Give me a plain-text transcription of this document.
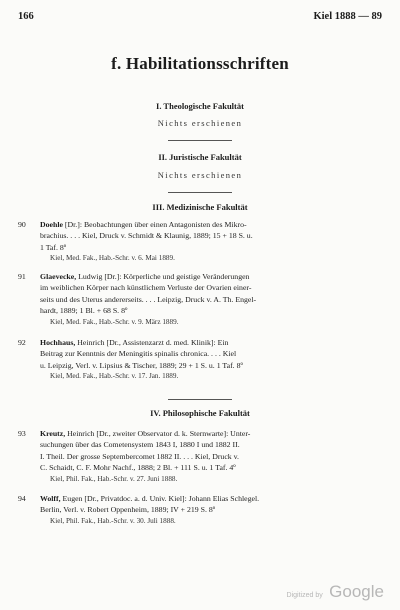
166	Kiel 1888 — 89
f. Habilitationsschriften
I. Theologische Fakultät
Nichts erschienen
II. Juristische Fakultät
Nichts erschienen
III. Medizinische Fakultät
90	Doehle [Dr.]: Beobachtungen über einen Antagonisten des Mikro-
brachius. . . . Kiel, Druck v. Schmidt & Klaunig, 1889; 15 + 18 S. u.
1 Taf. 8º
Kiel, Med. Fak., Hab.-Schr. v. 6. Mai 1889.
91	Glaevecke, Ludwig [Dr.]: Körperliche und geistige Veränderungen
im weiblichen Körper nach künstlichem Verluste der Ovarien einer-
seits und des Uterus andererseits. . . . Leipzig, Druck v. A. Th. Engel-
hardt, 1889; 1 Bl. + 68 S. 8º
Kiel, Med. Fak., Hab.-Schr. v. 9. März 1889.
92	Hochhaus, Heinrich [Dr., Assistenzarzt d. med. Klinik]: Ein
Beitrag zur Kenntnis der Meningitis spinalis chronica. . . . Kiel
u. Leipzig, Verl. v. Lipsius & Tischer, 1889; 29 + 1 S. u. 1 Taf. 8º
Kiel, Med. Fak., Hab.-Schr. v. 17. Jan. 1889.
IV. Philosophische Fakultät
93	Kreutz, Heinrich [Dr., zweiter Observator d. k. Sternwarte]: Unter-
suchungen über das Cometensystem 1843 I, 1880 I und 1882 II.
I. Theil. Der grosse Septembercomet 1882 II. . . . Kiel, Druck v.
C. Schaidt, C. F. Mohr Nachf., 1888; 2 Bl. + 111 S. u. 1 Taf. 4º
Kiel, Phil. Fak., Hab.-Schr. v. 27. Juni 1888.
94	Wolff, Eugen [Dr., Privatdoc. a. d. Univ. Kiel]: Johann Elias Schlegel.
Berlin, Verl. v. Robert Oppenheim, 1889; IV + 219 S. 8º
Kiel, Phil. Fak., Hab.-Schr. v. 30. Juli 1888.
Digitized by Google
